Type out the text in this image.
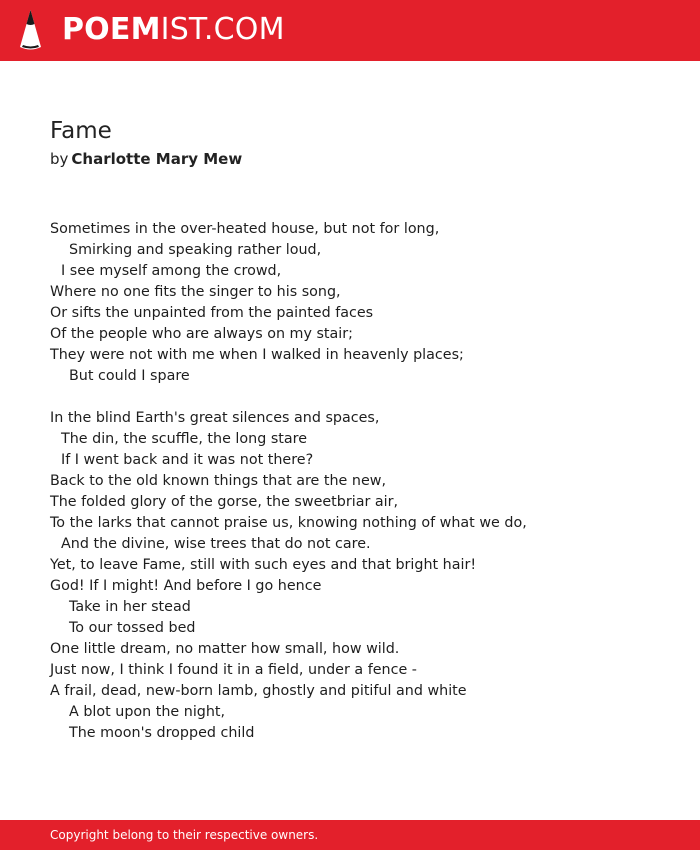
POEMIST.COM
Fame
by Charlotte Mary Mew
Sometimes in the over-heated house, but not for long,
Smirking and speaking rather loud,
I see myself among the crowd,
Where no one fits the singer to his song,
Or sifts the unpainted from the painted faces
Of the people who are always on my stair;
They were not with me when I walked in heavenly places;
But could I spare
In the blind Earth's great silences and spaces,
The din, the scuffle, the long stare
If I went back and it was not there?
Back to the old known things that are the new,
The folded glory of the gorse, the sweetbriar air,
To the larks that cannot praise us, knowing nothing of what we do,
And the divine, wise trees that do not care.
Yet, to leave Fame, still with such eyes and that bright hair!
God! If I might! And before I go hence
Take in her stead
To our tossed bed
One little dream, no matter how small, how wild.
Just now, I think I found it in a field, under a fence -
A frail, dead, new-born lamb, ghostly and pitiful and white
A blot upon the night,
The moon's dropped child
Copyright belong to their respective owners.
